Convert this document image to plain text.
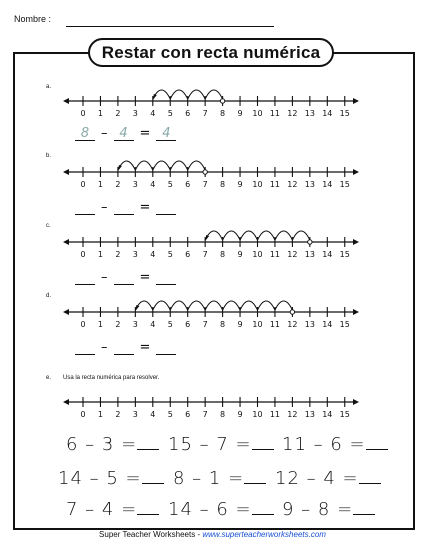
Nombre :
Restar con recta numérica
0 1 2 3 4 5 6 7 8 9 10 11 12 13 14 15
0 1 2 3 4 5 6 7 8 9 10 11 12 13 14 15
0 1 2 3 4 5 6 7 8 9 10 11 12 13 14 15
0 1 2 3 4 5 6 7 8 9 10 11 12 13 14 15
0 1 2 3 4 5 6 7 8 9 10 11 12 13 14 15
a.
b.
c.
d.
e. Usa la recta numérica para resolver.
8 – 4 = 4
– =
– =
– =
6 – 3 =	15 – 7 =	11 – 6 =
14 – 5 =	8 – 1 =	12 – 4 =
7 – 4 =	14 – 6 =	9 – 8 =
Super Teacher Worksheets - www.superteacherworksheets.com
